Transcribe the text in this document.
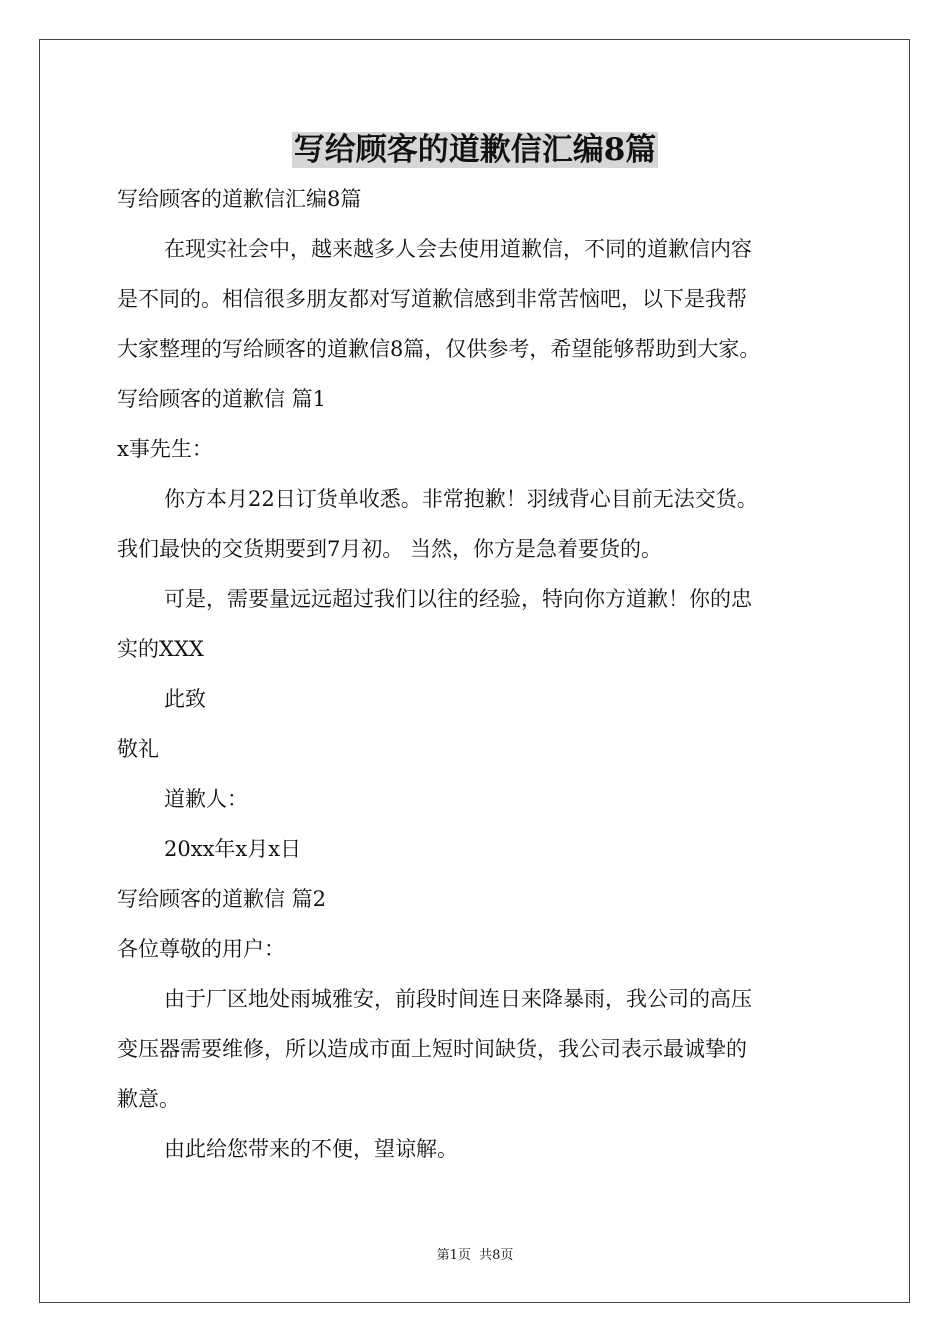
写给顾客的道歉信汇编8篇

写给顾客的道歉信汇编8篇

在现实社会中，越来越多人会去使用道歉信，不同的道歉信内容

是不同的。相信很多朋友都对写道歉信感到非常苦恼吧，以下是我帮

大家整理的写给顾客的道歉信8篇，仅供参考，希望能够帮助到大家。

写给顾客的道歉信 篇1

x事先生：

你方本月22日订货单收悉。非常抱歉！羽绒背心目前无法交货。

我们最快的交货期要到7月初。 当然，你方是急着要货的。

可是，需要量远远超过我们以往的经验，特向你方道歉！你的忠

实的XXX

此致

敬礼

道歉人：

20xx年x月x日

写给顾客的道歉信 篇2

各位尊敬的用户：

由于厂区地处雨城雅安，前段时间连日来降暴雨，我公司的高压

变压器需要维修，所以造成市面上短时间缺货，我公司表示最诚挚的

歉意。

由此给您带来的不便，望谅解。

第1页  共8页
